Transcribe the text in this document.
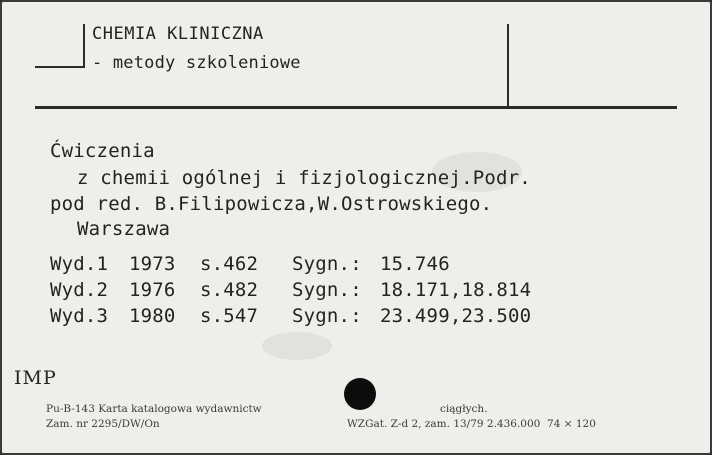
CHEMIA KLINICZNA
- metody szkoleniowe
Ćwiczenia
z chemii ogólnej i fizjologicznej.Podr.
pod red. B.Filipowicza,W.Ostrowskiego.
Warszawa
Wyd.1 1973 s.462 Sygn.: 15.746
Wyd.2 1976 s.482 Sygn.: 18.171,18.814
Wyd.3 1980 s.547 Sygn.: 23.499,23.500
IMP
Pu-B-143 Karta katalogowa wydawnictw	ciągłych.
Zam. nr 2295/DW/On	WZGat. Z-d 2, zam. 13/79 2.436.000  74 × 120
